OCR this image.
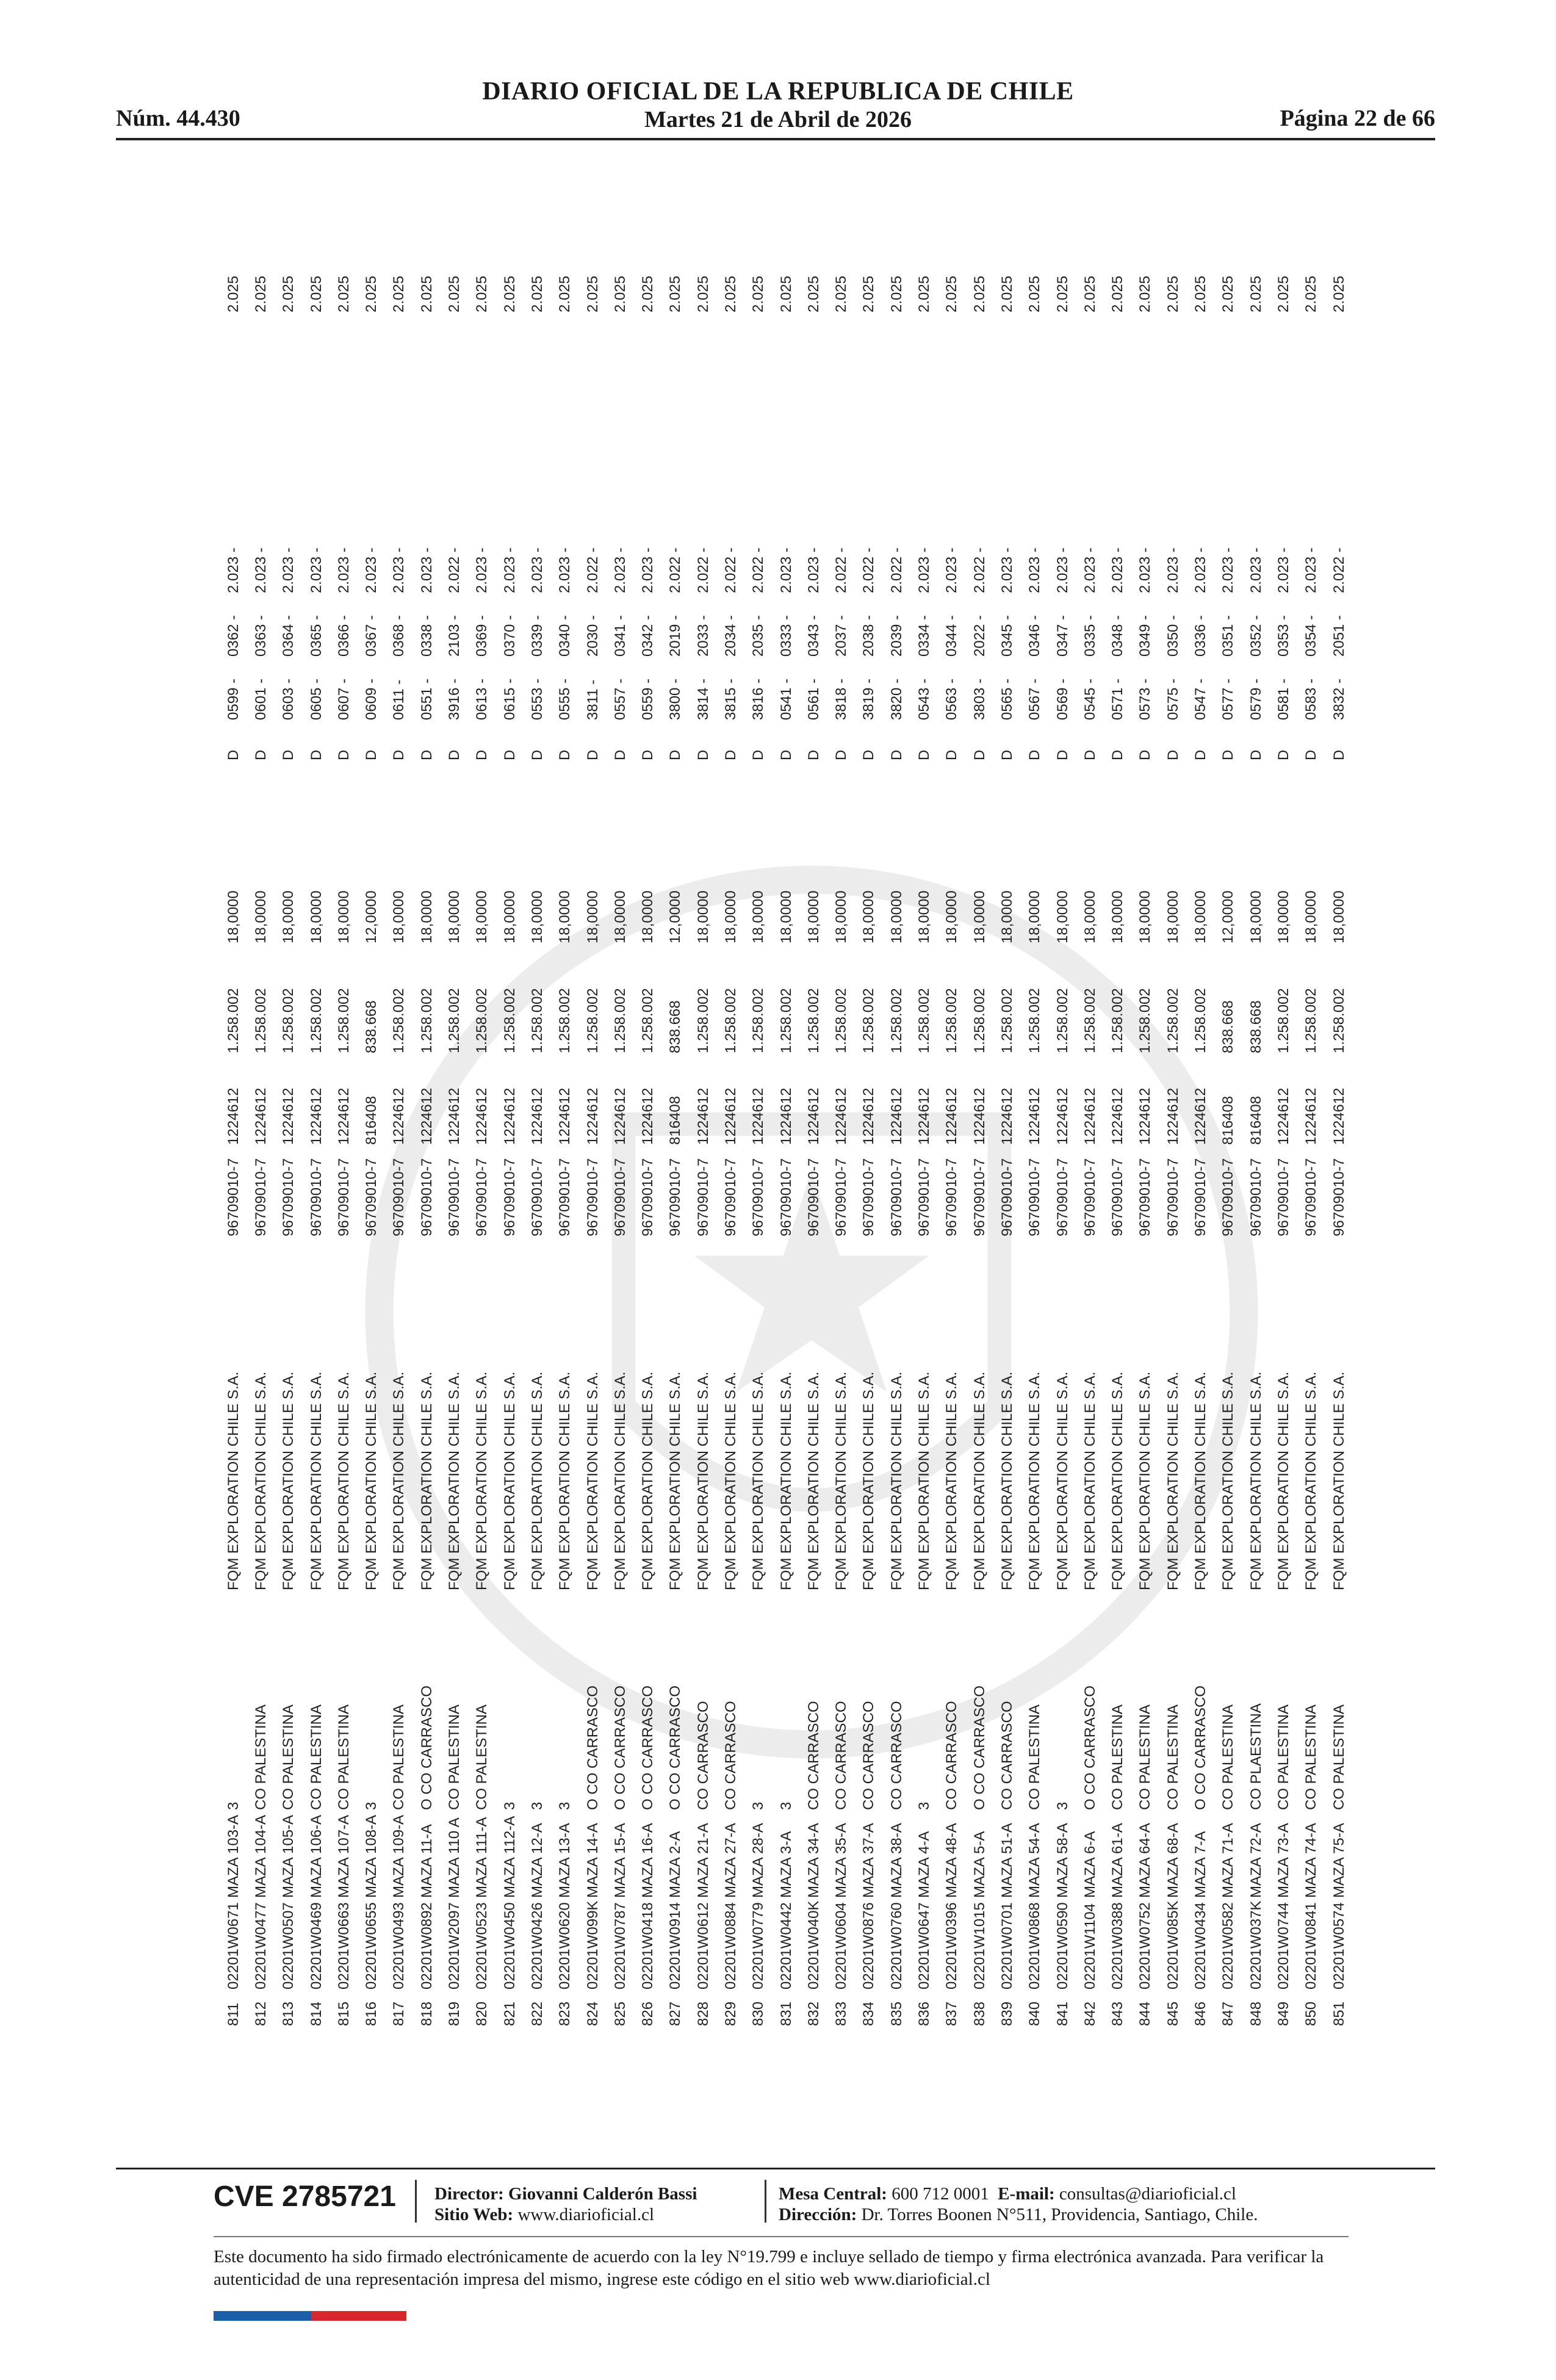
Núm. 44.430
DIARIO OFICIAL DE LA REPUBLICA DE CHILE
Martes 21 de Abril de 2026	Página 22 de 66
811
02201W0671
MAZA 103-A
3
FQM EXPLORATION CHILE S.A.
96709010-7
1224612
1.258.002
18,0000
D
0599 -
0362 -
2.023 -
2.025
812
02201W0477
MAZA 104-A
CO PALESTINA
FQM EXPLORATION CHILE S.A.
96709010-7
1224612
1.258.002
18,0000
D
0601 -
0363 -
2.023 -
2.025
813
02201W0507
MAZA 105-A
CO PALESTINA
FQM EXPLORATION CHILE S.A.
96709010-7
1224612
1.258.002
18,0000
D
0603 -
0364 -
2.023 -
2.025
814
02201W0469
MAZA 106-A
CO PALESTINA
FQM EXPLORATION CHILE S.A.
96709010-7
1224612
1.258.002
18,0000
D
0605 -
0365 -
2.023 -
2.025
815
02201W0663
MAZA 107-A
CO PALESTINA
FQM EXPLORATION CHILE S.A.
96709010-7
1224612
1.258.002
18,0000
D
0607 -
0366 -
2.023 -
2.025
816
02201W0655
MAZA 108-A
3
FQM EXPLORATION CHILE S.A.
96709010-7
816408
838.668
12,0000
D
0609 -
0367 -
2.023 -
2.025
817
02201W0493
MAZA 109-A
CO PALESTINA
FQM EXPLORATION CHILE S.A.
96709010-7
1224612
1.258.002
18,0000
D
0611 -
0368 -
2.023 -
2.025
818
02201W0892
MAZA 11-A
O CO CARRASCO
FQM EXPLORATION CHILE S.A.
96709010-7
1224612
1.258.002
18,0000
D
0551 -
0338 -
2.023 -
2.025
819
02201W2097
MAZA 110 A
CO PALESTINA
FQM EXPLORATION CHILE S.A.
96709010-7
1224612
1.258.002
18,0000
D
3916 -
2103 -
2.022 -
2.025
820
02201W0523
MAZA 111-A
CO PALESTINA
FQM EXPLORATION CHILE S.A.
96709010-7
1224612
1.258.002
18,0000
D
0613 -
0369 -
2.023 -
2.025
821
02201W0450
MAZA 112-A
3
FQM EXPLORATION CHILE S.A.
96709010-7
1224612
1.258.002
18,0000
D
0615 -
0370 -
2.023 -
2.025
822
02201W0426
MAZA 12-A
3
FQM EXPLORATION CHILE S.A.
96709010-7
1224612
1.258.002
18,0000
D
0553 -
0339 -
2.023 -
2.025
823
02201W0620
MAZA 13-A
3
FQM EXPLORATION CHILE S.A.
96709010-7
1224612
1.258.002
18,0000
D
0555 -
0340 -
2.023 -
2.025
824
02201W099K
MAZA 14-A
O CO CARRASCO
FQM EXPLORATION CHILE S.A.
96709010-7
1224612
1.258.002
18,0000
D
3811 -
2030 -
2.022 -
2.025
825
02201W0787
MAZA 15-A
O CO CARRASCO
FQM EXPLORATION CHILE S.A.
96709010-7
1224612
1.258.002
18,0000
D
0557 -
0341 -
2.023 -
2.025
826
02201W0418
MAZA 16-A
O CO CARRASCO
FQM EXPLORATION CHILE S.A.
96709010-7
1224612
1.258.002
18,0000
D
0559 -
0342 -
2.023 -
2.025
827
02201W0914
MAZA 2-A
O CO CARRASCO
FQM EXPLORATION CHILE S.A.
96709010-7
816408
838.668
12,0000
D
3800 -
2019 -
2.022 -
2.025
828
02201W0612
MAZA 21-A
CO CARRASCO
FQM EXPLORATION CHILE S.A.
96709010-7
1224612
1.258.002
18,0000
D
3814 -
2033 -
2.022 -
2.025
829
02201W0884
MAZA 27-A
CO CARRASCO
FQM EXPLORATION CHILE S.A.
96709010-7
1224612
1.258.002
18,0000
D
3815 -
2034 -
2.022 -
2.025
830
02201W0779
MAZA 28-A
3
FQM EXPLORATION CHILE S.A.
96709010-7
1224612
1.258.002
18,0000
D
3816 -
2035 -
2.022 -
2.025
831
02201W0442
MAZA 3-A
3
FQM EXPLORATION CHILE S.A.
96709010-7
1224612
1.258.002
18,0000
D
0541 -
0333 -
2.023 -
2.025
832
02201W040K
MAZA 34-A
CO CARRASCO
FQM EXPLORATION CHILE S.A.
96709010-7
1224612
1.258.002
18,0000
D
0561 -
0343 -
2.023 -
2.025
833
02201W0604
MAZA 35-A
CO CARRASCO
FQM EXPLORATION CHILE S.A.
96709010-7
1224612
1.258.002
18,0000
D
3818 -
2037 -
2.022 -
2.025
834
02201W0876
MAZA 37-A
CO CARRASCO
FQM EXPLORATION CHILE S.A.
96709010-7
1224612
1.258.002
18,0000
D
3819 -
2038 -
2.022 -
2.025
835
02201W0760
MAZA 38-A
CO CARRASCO
FQM EXPLORATION CHILE S.A.
96709010-7
1224612
1.258.002
18,0000
D
3820 -
2039 -
2.022 -
2.025
836
02201W0647
MAZA 4-A
3
FQM EXPLORATION CHILE S.A.
96709010-7
1224612
1.258.002
18,0000
D
0543 -
0334 -
2.023 -
2.025
837
02201W0396
MAZA 48-A
CO CARRASCO
FQM EXPLORATION CHILE S.A.
96709010-7
1224612
1.258.002
18,0000
D
0563 -
0344 -
2.023 -
2.025
838
02201W1015
MAZA 5-A
O CO CARRASCO
FQM EXPLORATION CHILE S.A.
96709010-7
1224612
1.258.002
18,0000
D
3803 -
2022 -
2.022 -
2.025
839
02201W0701
MAZA 51-A
CO CARRASCO
FQM EXPLORATION CHILE S.A.
96709010-7
1224612
1.258.002
18,0000
D
0565 -
0345 -
2.023 -
2.025
840
02201W0868
MAZA 54-A
CO PALESTINA
FQM EXPLORATION CHILE S.A.
96709010-7
1224612
1.258.002
18,0000
D
0567 -
0346 -
2.023 -
2.025
841
02201W0590
MAZA 58-A
3
FQM EXPLORATION CHILE S.A.
96709010-7
1224612
1.258.002
18,0000
D
0569 -
0347 -
2.023 -
2.025
842
02201W1104
MAZA 6-A
O CO CARRASCO
FQM EXPLORATION CHILE S.A.
96709010-7
1224612
1.258.002
18,0000
D
0545 -
0335 -
2.023 -
2.025
843
02201W0388
MAZA 61-A
CO PALESTINA
FQM EXPLORATION CHILE S.A.
96709010-7
1224612
1.258.002
18,0000
D
0571 -
0348 -
2.023 -
2.025
844
02201W0752
MAZA 64-A
CO PALESTINA
FQM EXPLORATION CHILE S.A.
96709010-7
1224612
1.258.002
18,0000
D
0573 -
0349 -
2.023 -
2.025
845
02201W085K
MAZA 68-A
CO PALESTINA
FQM EXPLORATION CHILE S.A.
96709010-7
1224612
1.258.002
18,0000
D
0575 -
0350 -
2.023 -
2.025
846
02201W0434
MAZA 7-A
O CO CARRASCO
FQM EXPLORATION CHILE S.A.
96709010-7
1224612
1.258.002
18,0000
D
0547 -
0336 -
2.023 -
2.025
847
02201W0582
MAZA 71-A
CO PALESTINA
FQM EXPLORATION CHILE S.A.
96709010-7
816408
838.668
12,0000
D
0577 -
0351 -
2.023 -
2.025
848
02201W037K
MAZA 72-A
CO PLAESTINA
FQM EXPLORATION CHILE S.A.
96709010-7
816408
838.668
18,0000
D
0579 -
0352 -
2.023 -
2.025
849
02201W0744
MAZA 73-A
CO PALESTINA
FQM EXPLORATION CHILE S.A.
96709010-7
1224612
1.258.002
18,0000
D
0581 -
0353 -
2.023 -
2.025
850
02201W0841
MAZA 74-A
CO PALESTINA
FQM EXPLORATION CHILE S.A.
96709010-7
1224612
1.258.002
18,0000
D
0583 -
0354 -
2.023 -
2.025
851
02201W0574
MAZA 75-A
CO PALESTINA
FQM EXPLORATION CHILE S.A.
96709010-7
1224612
1.258.002
18,0000
D
3832 -
2051 -
2.022 -
2.025
CVE 2785721 Director: Giovanni Calderón Bassi
Sitio Web: www.diarioficial.cl
Mesa Central: 600 712 0001 E-mail: consultas@diarioficial.cl
Dirección: Dr. Torres Boonen N°511, Providencia, Santiago, Chile.
Este documento ha sido firmado electrónicamente de acuerdo con la ley N°19.799 e incluye sellado de tiempo y firma electrónica avanzada. Para verificar la autenticidad de una representación impresa del mismo, ingrese este código en el sitio web www.diarioficial.cl
